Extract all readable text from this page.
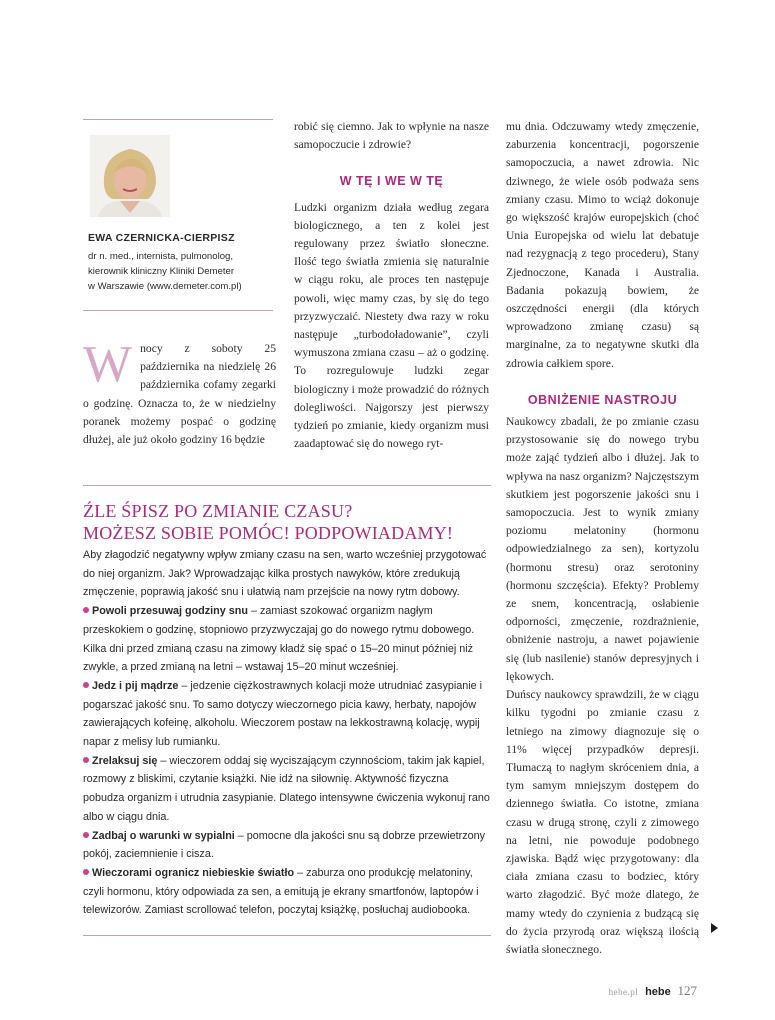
EWA CZERNICKA-CIERPISZ
dr n. med., internista, pulmonolog,
kierownik kliniczny Kliniki Demeter
w Warszawie (www.demeter.com.pl)
W nocy z soboty 25 października na niedzielę 26 października cofamy zegarki o godzinę. Oznacza to, że w niedzielny poranek możemy pospać o godzinę dłużej, ale już około godziny 16 będzie

robić się ciemno. Jak to wpłynie na nasze samopoczucie i zdrowie?

W TĘ I WE W TĘ

Ludzki organizm działa według zegara biologicznego, a ten z kolei jest regulowany przez światło słoneczne. Ilość tego światła zmienia się naturalnie w ciągu roku, ale proces ten następuje powoli, więc mamy czas, by się do tego przyzwyczaić. Niestety dwa razy w roku następuje „turbodoładowanie”, czyli wymuszona zmiana czasu – aż o godzinę. To rozregulowuje ludzki zegar biologiczny i może prowadzić do różnych dolegliwości. Najgorszy jest pierwszy tydzień po zmianie, kiedy organizm musi zaadaptować się do nowego ryt-

mu dnia. Odczuwamy wtedy zmęczenie, zaburzenia koncentracji, pogorszenie samopoczucia, a nawet zdrowia. Nic dziwnego, że wiele osób podważa sens zmiany czasu. Mimo to wciąż dokonuje go większość krajów europejskich (choć Unia Europejska od wielu lat debatuje nad rezygnacją z tego procederu), Stany Zjednoczone, Kanada i Australia. Badania pokazują bowiem, że oszczędności energii (dla których wprowadzono zmianę czasu) są marginalne, za to negatywne skutki dla zdrowia całkiem spore.

OBNIŻENIE NASTROJU

Naukowcy zbadali, że po zmianie czasu przystosowanie się do nowego trybu może zająć tydzień albo i dłużej. Jak to wpływa na nasz organizm? Najczęstszym skutkiem jest pogorszenie jakości snu i samopoczucia. Jest to wynik zmiany poziomu melatoniny (hormonu odpowiedzialnego za sen), kortyzolu (hormonu stresu) oraz serotoniny (hormonu szczęścia). Efekty? Problemy ze snem, koncentracją, osłabienie odporności, zmęczenie, rozdrażnienie, obniżenie nastroju, a nawet pojawienie się (lub nasilenie) stanów depresyjnych i lękowych.

Duńscy naukowcy sprawdzili, że w ciągu kilku tygodni po zmianie czasu z letniego na zimowy diagnozuje się o 11% więcej przypadków depresji. Tłumaczą to nagłym skróceniem dnia, a tym samym mniejszym dostępem do dziennego światła. Co istotne, zmiana czasu w drugą stronę, czyli z zimowego na letni, nie powoduje podobnego zjawiska. Bądź więc przygotowany: dla ciała zmiana czasu to bodziec, który warto złagodzić. Być może dlatego, że mamy wtedy do czynienia z budzącą się do życia przyrodą oraz większą ilością światła słonecznego.

ŹLE ŚPISZ PO ZMIANIE CZASU?
MOŻESZ SOBIE POMÓC! PODPOWIADAMY!

Aby złagodzić negatywny wpływ zmiany czasu na sen, warto wcześniej przygotować do niej organizm. Jak? Wprowadzając kilka prostych nawyków, które zredukują zmęczenie, poprawią jakość snu i ułatwią nam przejście na nowy rytm dobowy.

Powoli przesuwaj godziny snu – zamiast szokować organizm nagłym przeskokiem o godzinę, stopniowo przyzwyczajaj go do nowego rytmu dobowego. Kilka dni przed zmianą czasu na zimowy kładź się spać o 15–20 minut później niż zwykle, a przed zmianą na letni – wstawaj 15–20 minut wcześniej.

Jedz i pij mądrze – jedzenie ciężkostrawnych kolacji może utrudniać zasypianie i pogarszać jakość snu. To samo dotyczy wieczornego picia kawy, herbaty, napojów zawierających kofeinę, alkoholu. Wieczorem postaw na lekkostrawną kolację, wypij napar z melisy lub rumianku.

Zrelaksuj się – wieczorem oddaj się wyciszającym czynnościom, takim jak kąpiel, rozmowy z bliskimi, czytanie książki. Nie idź na siłownię. Aktywność fizyczna pobudza organizm i utrudnia zasypianie. Dlatego intensywne ćwiczenia wykonuj rano albo w ciągu dnia.

Zadbaj o warunki w sypialni – pomocne dla jakości snu są dobrze przewietrzony pokój, zaciemnienie i cisza.

Wieczorami ogranicz niebieskie światło – zaburza ono produkcję melatoniny, czyli hormonu, który odpowiada za sen, a emitują je ekrany smartfonów, laptopów i telewizorów. Zamiast scrollować telefon, poczytaj książkę, posłuchaj audiobooka.

hebe.pl hebe 127
